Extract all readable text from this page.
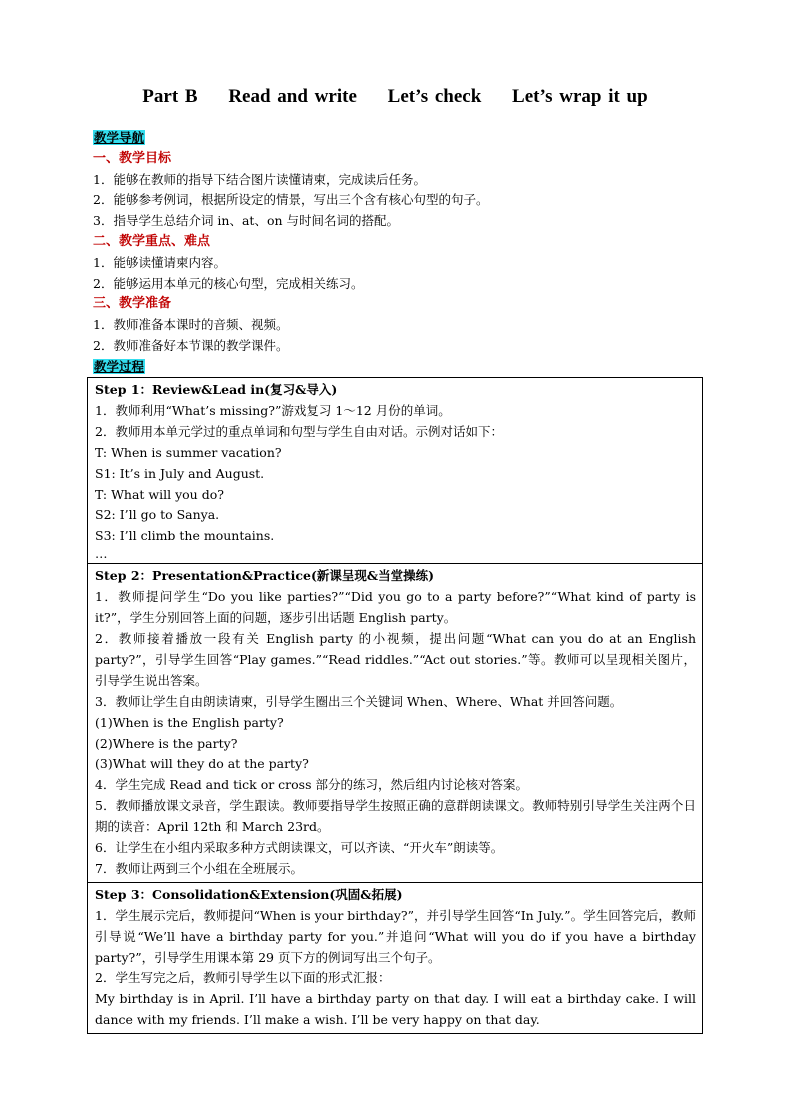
Part B Read and write Let’s check Let’s wrap it up
教学导航
一、教学目标
1．能够在教师的指导下结合图片读懂请柬，完成读后任务。
2．能够参考例词，根据所设定的情景，写出三个含有核心句型的句子。
3．指导学生总结介词 in、at、on 与时间名词的搭配。
二、教学重点、难点
1．能够读懂请柬内容。
2．能够运用本单元的核心句型，完成相关练习。
三、教学准备
1．教师准备本课时的音频、视频。
2．教师准备好本节课的教学课件。
教学过程
Step 1：Review&Lead in(复习&导入)
1．教师利用“What’s missing?”游戏复习 1～12 月份的单词。
2．教师用本单元学过的重点单词和句型与学生自由对话。示例对话如下：
T: When is summer vacation?
S1: It’s in July and August.
T: What will you do?
S2: I’ll go to Sanya.
S3: I’ll climb the mountains.
…

Step 2：Presentation&Practice(新课呈现&当堂操练)
1．教师提问学生“Do you like parties?”“Did you go to a party before?”“What kind of party is it?”，学生分别回答上面的问题，逐步引出话题 English party。
2．教师接着播放一段有关 English party 的小视频，提出问题“What can you do at an English party?”，引导学生回答“Play games.”“Read riddles.”“Act out stories.”等。教师可以呈现相关图片，引导学生说出答案。
3．教师让学生自由朗读请柬，引导学生圈出三个关键词 When、Where、What 并回答问题。
(1)When is the English party?
(2)Where is the party?
(3)What will they do at the party?
4．学生完成 Read and tick or cross 部分的练习，然后组内讨论核对答案。
5．教师播放课文录音，学生跟读。教师要指导学生按照正确的意群朗读课文。教师特别引导学生关注两个日期的读音：April 12th 和 March 23rd。
6．让学生在小组内采取多种方式朗读课文，可以齐读、“开火车”朗读等。
7．教师让两到三个小组在全班展示。

Step 3：Consolidation&Extension(巩固&拓展)
1．学生展示完后，教师提问“When is your birthday?”，并引导学生回答“In July.”。学生回答完后，教师引导说“We’ll have a birthday party for you.”并追问“What will you do if you have a birthday party?”，引导学生用课本第 29 页下方的例词写出三个句子。
2．学生写完之后，教师引导学生以下面的形式汇报：
My birthday is in April. I’ll have a birthday party on that day. I will eat a birthday cake. I will dance with my friends. I’ll make a wish. I’ll be very happy on that day.
